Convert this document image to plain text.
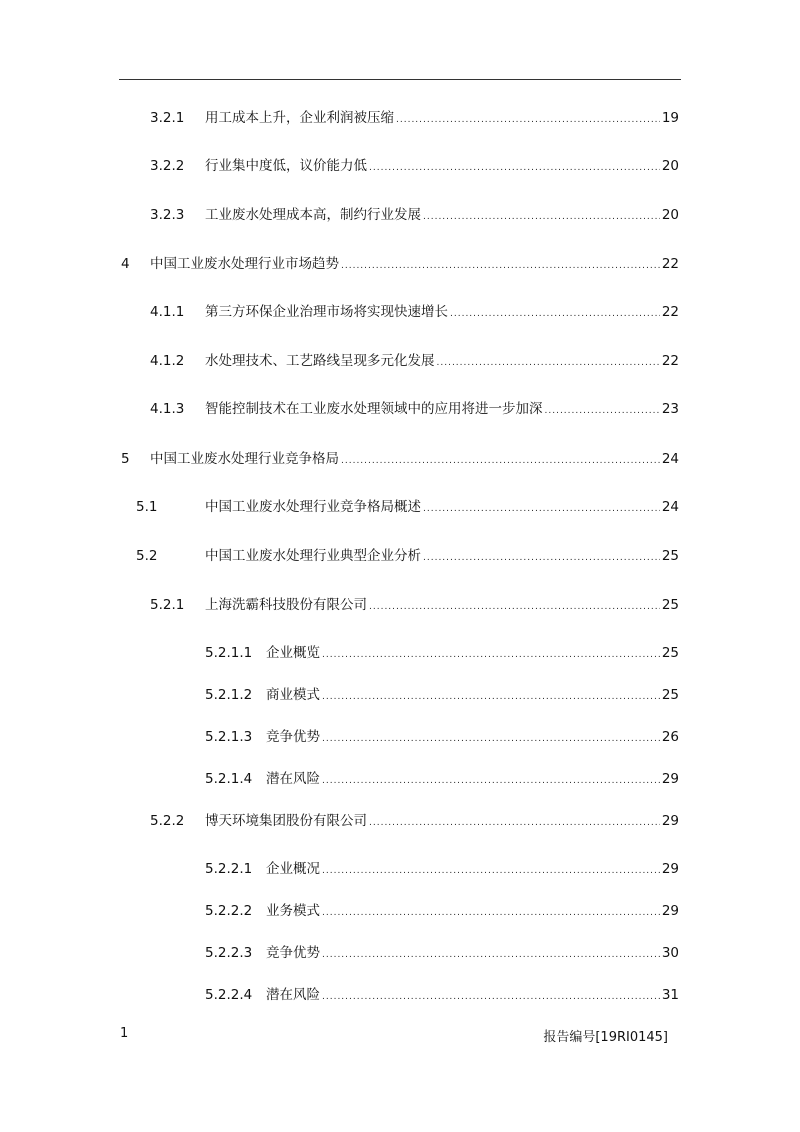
3.2.1 用工成本上升，企业利润被压缩 .....	19
3.2.2 行业集中度低，议价能力低 .....	20
3.2.3 工业废水处理成本高，制约行业发展 .....	20
4 中国工业废水处理行业市场趋势 .....	22
4.1.1 第三方环保企业治理市场将实现快速增长 .....	22
4.1.2 水处理技术、工艺路线呈现多元化发展 .....	22
4.1.3 智能控制技术在工业废水处理领域中的应用将进一步加深 .....	23
5 中国工业废水处理行业竞争格局 .....	24
5.1	中国工业废水处理行业竞争格局概述 .....	24
5.2	中国工业废水处理行业典型企业分析 .....	25
5.2.1 上海洗霸科技股份有限公司 .....	25
5.2.1.1 企业概览 .....	25
5.2.1.2 商业模式 .....	25
5.2.1.3 竞争优势 .....	26
5.2.1.4 潜在风险 .....	29
5.2.2 博天环境集团股份有限公司 .....	29
5.2.2.1 企业概况 .....	29
5.2.2.2 业务模式 .....	29
5.2.2.3 竞争优势 .....	30
5.2.2.4 潜在风险 .....	31
1	报告编号[19RI0145]
